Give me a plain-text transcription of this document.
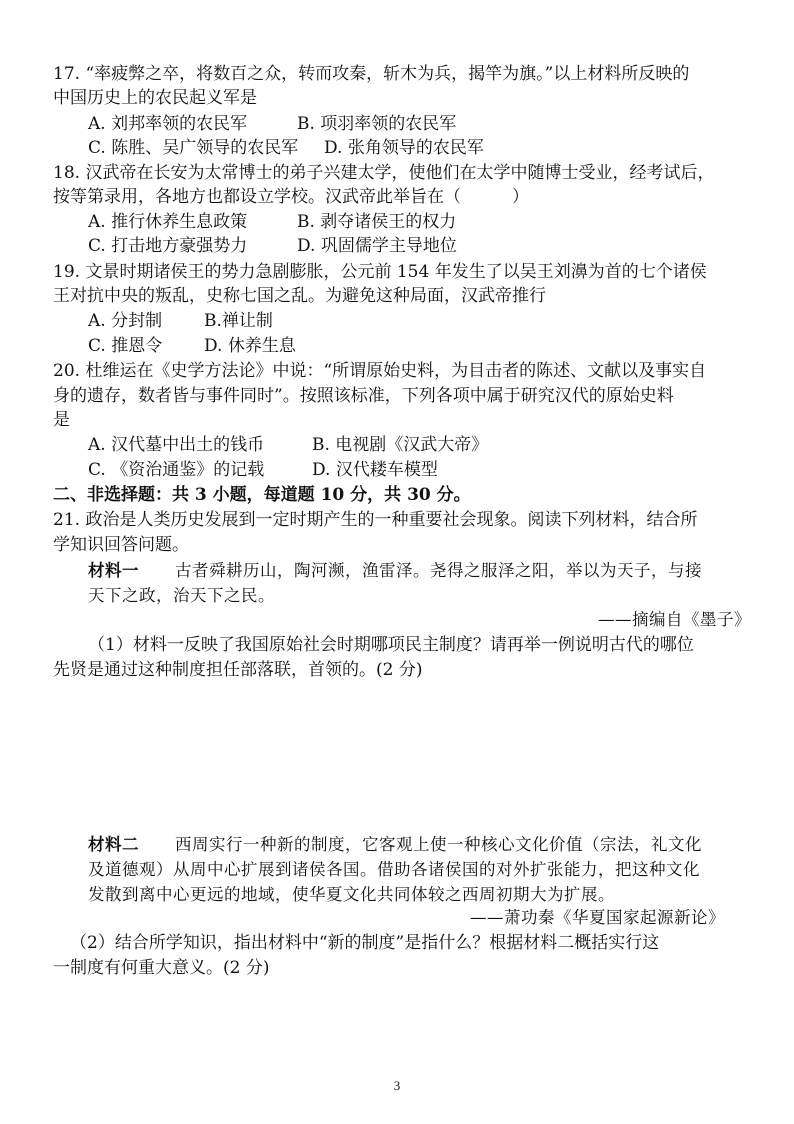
17. “率疲弊之卒，将数百之众，转而攻秦，斩木为兵，揭竿为旗。”以上材料所反映的
中国历史上的农民起义军是
A. 刘邦率领的农民军	B. 项羽率领的农民军
C. 陈胜、吴广领导的农民军 D. 张角领导的农民军
18. 汉武帝在长安为太常博士的弟子兴建太学，使他们在太学中随博士受业，经考试后，
按等第录用，各地方也都设立学校。汉武帝此举旨在（　　　）
A. 推行休养生息政策	B. 剥夺诸侯王的权力
C. 打击地方豪强势力	D. 巩固儒学主导地位
19. 文景时期诸侯王的势力急剧膨胀，公元前 154 年发生了以吴王刘濞为首的七个诸侯
王对抗中央的叛乱，史称七国之乱。为避免这种局面，汉武帝推行
A. 分封制 B.禅让制
C. 推恩令 D. 休养生息
20. 杜维运在《史学方法论》中说：“所谓原始史料，为目击者的陈述、文献以及事实自
身的遗存，数者皆与事件同时”。按照该标准，下列各项中属于研究汉代的原始史料
是
A. 汉代墓中出土的钱币	B. 电视剧《汉武大帝》
C. 《资治通鉴》的记载	D. 汉代耧车模型
二、非选择题：共 3 小题，每道题 10 分，共 30 分。
21. 政治是人类历史发展到一定时期产生的一种重要社会现象。阅读下列材料，结合所
学知识回答问题。
材料一 古者舜耕历山，陶河濒，渔雷泽。尧得之服泽之阳，举以为天子，与接
天下之政，治天下之民。
——摘编自《墨子》
（1）材料一反映了我国原始社会时期哪项民主制度？请再举一例说明古代的哪位
先贤是通过这种制度担任部落联，首领的。(2 分)
材料二 西周实行一种新的制度，它客观上使一种核心文化价值（宗法，礼文化
及道德观）从周中心扩展到诸侯各国。借助各诸侯国的对外扩张能力，把这种文化
发散到离中心更远的地域，使华夏文化共同体较之西周初期大为扩展。
——萧功秦《华夏国家起源新论》
（2）结合所学知识，指出材料中“新的制度”是指什么？根据材料二概括实行这
一制度有何重大意义。(2 分)
3
